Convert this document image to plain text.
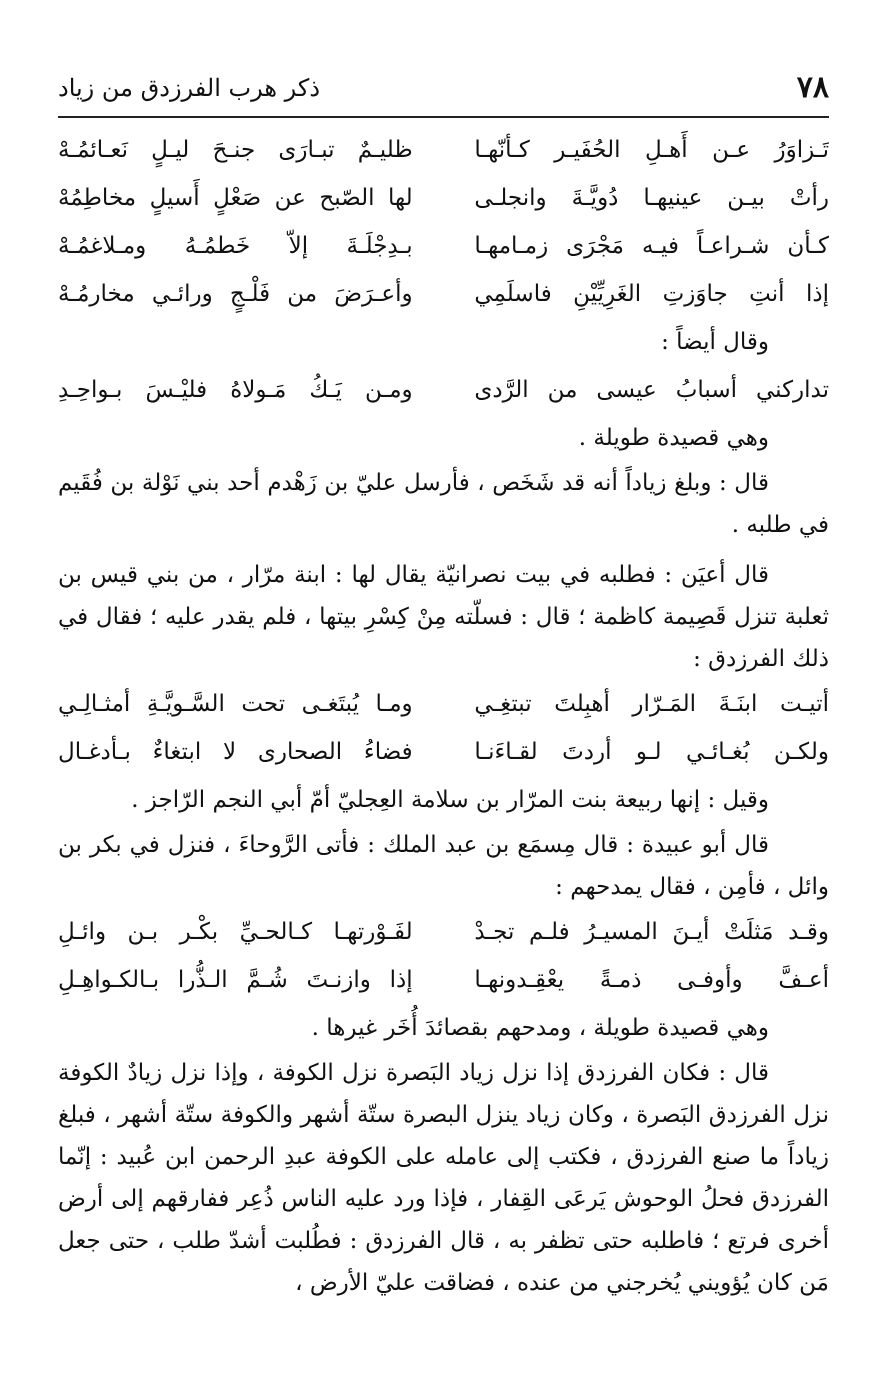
٧٨
ذكر هرب الفرزدق من زياد
تَـزاوَرُ عـن أَهـلِ الحُفَيـر كـأنّهـا
ظليـمٌ تبـارَى جنـحَ ليـلٍ نَعـائمُـهْ
رأتْ بيـن عينيهـا دُويَّـةَ وانجلـى
لها الصّبح عن صَعْلٍ أَسيلٍ مخاطِمُهْ
كـأن شـراعـاً فيـه مَجْرَى زمـامهـا
بـدِجْلَـةَ إلاّ خَطمُـهُ ومـلاغمُـهْ
إذا أنتِ جاوَزتِ الغَرِيِّيْنِ فاسلَمِي
وأعـرَضَ من فَلْـجٍ ورائـي مخارمُـهْ
وقال أيضاً :
تداركني أسبابُ عيسى من الرَّدى
ومـن يَـكُ مَـولاهُ فليْـسَ بـواحِـدِ
وهي قصيدة طويلة .

قال : وبلغ زياداً أنه قد شَخَص ، فأرسل عليّ بن زَهْدم أحد بني نَوْلة بن فُقَيم في طلبه .

قال أعيَن : فطلبه في بيت نصرانيّة يقال لها : ابنة مرّار ، من بني قيس بن ثعلبة تنزل قَصِيمة كاظمة ؛ قال : فسلّته مِنْ كِسْرِ بيتها ، فلم يقدر عليه ؛ فقال في ذلك الفرزدق :

أتيـت ابنَـةَ المَـرّار أهبِلتَ تبتغِـي
ومـا يُبتَغـى تحت السَّـويَّـةِ أمثـالِـي
ولكـن بُغـائـي لـو أردتَ لقـاءَنـا
فضاءُ الصحارى لا ابتغاءٌ بـأدغـال
وقيل : إنها ربيعة بنت المرّار بن سلامة العِجليّ أمّ أبي النجم الرّاجز .

قال أبو عبيدة : قال مِسمَع بن عبد الملك : فأتى الرَّوحاءَ ، فنزل في بكر بن وائل ، فأمِن ، فقال يمدحهم :

وقـد مَثلَتْ أيـنَ المسيـرُ فلـم تجـدْ
لفَـوْرتهـا كـالحـيِّ بكْـر بـن وائـلِ
أعـفَّ وأوفـى ذمـةً يعْقِـدونهـا
إذا وازنـتَ شُـمَّ الـذُّرا بـالكـواهِـلِ
وهي قصيدة طويلة ، ومدحهم بقصائدَ أُخَر غيرها .

قال : فكان الفرزدق إذا نزل زياد البَصرة نزل الكوفة ، وإذا نزل زيادٌ الكوفة نزل الفرزدق البَصرة ، وكان زياد ينزل البصرة ستّة أشهر والكوفة ستّة أشهر ، فبلغ زياداً ما صنع الفرزدق ، فكتب إلى عامله على الكوفة عبدِ الرحمن ابن عُبيد : إنّما الفرزدق فحلُ الوحوش يَرعَى القِفار ، فإذا ورد عليه الناس ذُعِر ففارقهم إلى أرض أخرى فرتع ؛ فاطلبه حتى تظفر به ، قال الفرزدق : فطُلبت أشدّ طلب ، حتى جعل مَن كان يُؤويني يُخرجني من عنده ، فضاقت عليّ الأرض ،
